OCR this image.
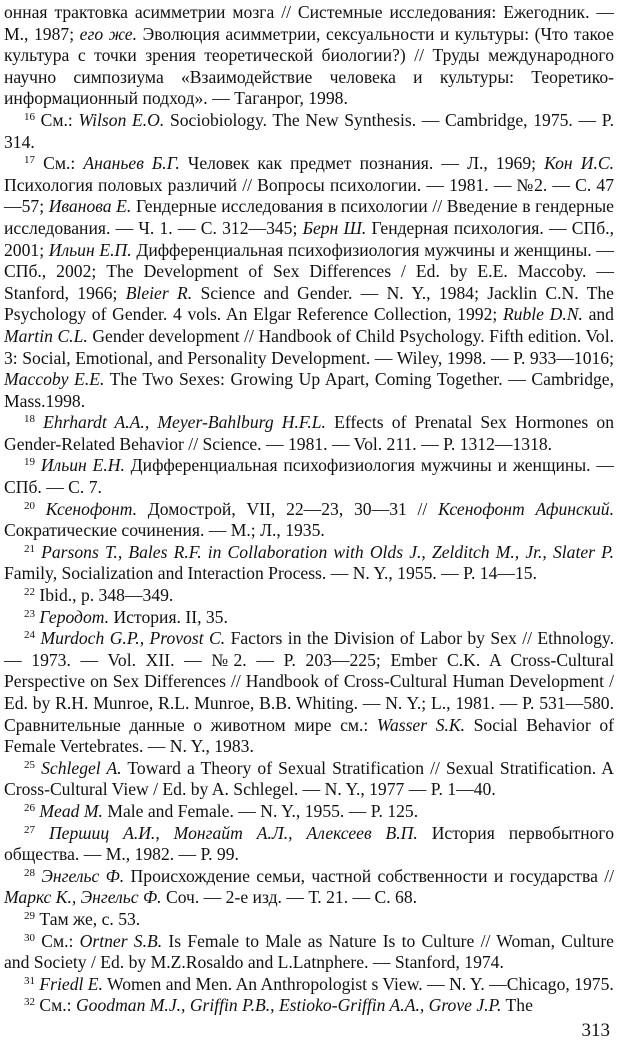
онная трактовка асимметрии мозга // Системные исследования: Ежегодник. — М., 1987; его же. Эволюция асимметрии, сексуальности и культуры: (Что такое культура с точки зрения теоретической биологии?) // Труды международного научно симпозиума «Взаимодействие человека и культуры: Теоретико-информационный подход». — Таганрог, 1998.

$^{16}$ См.: Wilson E.O. Sociobiology. The New Synthesis. — Cambridge, 1975. — P. 314.

$^{17}$ См.: Ананьев Б.Г. Человек как предмет познания. — Л., 1969; Кон И.С. Психология половых различий // Вопросы психологии. — 1981. — №2. — С. 47—57; Иванова Е. Гендерные исследования в психологии // Введение в гендерные исследования. — Ч. 1. — С. 312—345; Берн Ш. Гендерная психология. — СПб., 2001; Ильин Е.П. Дифференциальная психофизиология мужчины и женщины. — СПб., 2002; The Development of Sex Differences / Ed. by E.E. Maccoby. — Stanford, 1966; Bleier R. Science and Gender. — N. Y., 1984; Jacklin C.N. The Psychology of Gender. 4 vols. An Elgar Reference Collection, 1992; Ruble D.N. and Martin C.L. Gender development // Handbook of Child Psychology. Fifth edition. Vol. 3: Social, Emotional, and Personality Development. — Wiley, 1998. — P. 933—1016; Maccoby E.E. The Two Sexes: Growing Up Apart, Coming Together. — Cambridge, Mass.1998.

$^{18}$ Ehrhardt A.A., Meyer-Bahlburg H.F.L. Effects of Prenatal Sex Hormones on Gender-Related Behavior // Science. — 1981. — Vol. 211. — P. 1312—1318.

$^{19}$ Ильин Е.Н. Дифференциальная психофизиология мужчины и женщины. — СПб. — С. 7.

$^{20}$ Ксенофонт. Домострой, VII, 22—23, 30—31 // Ксенофонт Афинский. Сократические сочинения. — М.; Л., 1935.

$^{21}$ Parsons T., Bales R.F. in Collaboration with Olds J., Zelditch M., Jr., Slater P. Family, Socialization and Interaction Process. — N. Y., 1955. — P. 14—15.

$^{22}$ Ibid., p. 348—349.

$^{23}$ Геродот. История. II, 35.

$^{24}$ Murdoch G.P., Provost C. Factors in the Division of Labor by Sex // Ethnology. — 1973. — Vol. XII. — №2. — P. 203—225; Ember C.K. A Cross-Cultural Perspective on Sex Differences // Handbook of Cross-Cultural Human Development / Ed. by R.H. Munroe, R.L. Munroe, B.B. Whiting. — N. Y.; L., 1981. — P. 531—580. Сравнительные данные о животном мире см.: Wasser S.K. Social Behavior of Female Vertebrates. — N. Y., 1983.

$^{25}$ Schlegel A. Toward a Theory of Sexual Stratification // Sexual Stratification. A Cross-Cultural View / Ed. by A. Schlegel. — N. Y., 1977 — P. 1—40.

$^{26}$ Mead M. Male and Female. — N. Y., 1955. — P. 125.

$^{27}$ Першиц А.И., Монгайт А.Л., Алексеев В.П. История первобытного общества. — М., 1982. — Р. 99.

$^{28}$ Энгельс Ф. Происхождение семьи, частной собственности и государства // Маркс К., Энгельс Ф. Соч. — 2-е изд. — Т. 21. — С. 68.

$^{29}$ Там же, с. 53.

$^{30}$ См.: Ortner S.B. Is Female to Male as Nature Is to Culture // Woman, Culture and Society / Ed. by M.Z.Rosaldo and L.Latnphere. — Stanford, 1974.

$^{31}$ Friedl E. Women and Men. An Anthropologist s View. — N. Y. —Chicago, 1975.

$^{32}$ См.: Goodman M.J., Griffin P.B., Estioko-Griffin A.A., Grove J.P. The

313
